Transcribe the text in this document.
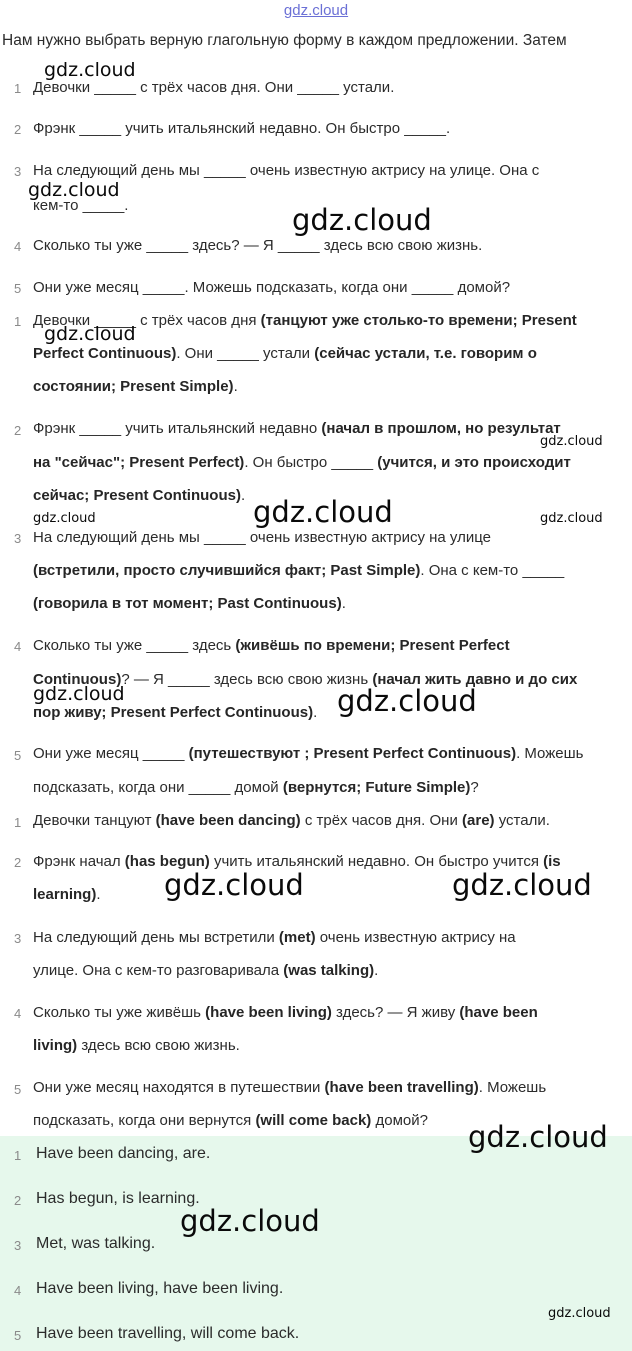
gdz.cloud
Нам нужно выбрать верную глагольную форму в каждом предложении. Затем
1 Девочки _____ с трёх часов дня. Они _____ устали.
2 Фрэнк _____ учить итальянский недавно. Он быстро _____.
3 На следующий день мы _____ очень известную актрису на улице. Она с
кем-то _____.
4 Сколько ты уже _____ здесь? — Я _____ здесь всю свою жизнь.
5 Они уже месяц _____. Можешь подсказать, когда они _____ домой?
1 Девочки _____ с трёх часов дня (танцуют уже столько-то времени; Present
Perfect Continuous). Они _____ устали (сейчас устали, т.е. говорим о
состоянии; Present Simple).
2 Фрэнк _____ учить итальянский недавно (начал в прошлом, но результат
на "сейчас"; Present Perfect). Он быстро _____ (учится, и это происходит
сейчас; Present Continuous).
3 На следующий день мы _____ очень известную актрису на улице
(встретили, просто случившийся факт; Past Simple). Она с кем-то _____
(говорила в тот момент; Past Continuous).
4 Сколько ты уже _____ здесь (живёшь по времени; Present Perfect
Continuous)? — Я _____ здесь всю свою жизнь (начал жить давно и до сих
пор живу; Present Perfect Continuous).
5 Они уже месяц _____ (путешествуют ; Present Perfect Continuous). Можешь
подсказать, когда они _____ домой (вернутся; Future Simple)?
1 Девочки танцуют (have been dancing) с трёх часов дня. Они (are) устали.
2 Фрэнк начал (has begun) учить итальянский недавно. Он быстро учится (is
learning).
3 На следующий день мы встретили (met) очень известную актрису на
улице. Она с кем-то разговаривала (was talking).
4 Сколько ты уже живёшь (have been living) здесь? — Я живу (have been
living) здесь всю свою жизнь.
5 Они уже месяц находятся в путешествии (have been travelling). Можешь
подсказать, когда они вернутся (will come back) домой?
1 Have been dancing, are.
2 Has begun, is learning.
3 Met, was talking.
4 Have been living, have been living.
5 Have been travelling, will come back.
gdz.cloud
gdz.cloud
gdz.cloud
gdz.cloud
gdz.cloud
gdz.cloud	gdz.cloud	gdz.cloud
gdz.cloud	gdz.cloud
gdz.cloud	gdz.cloud
gdz.cloud
gdz.cloud
gdz.cloud
